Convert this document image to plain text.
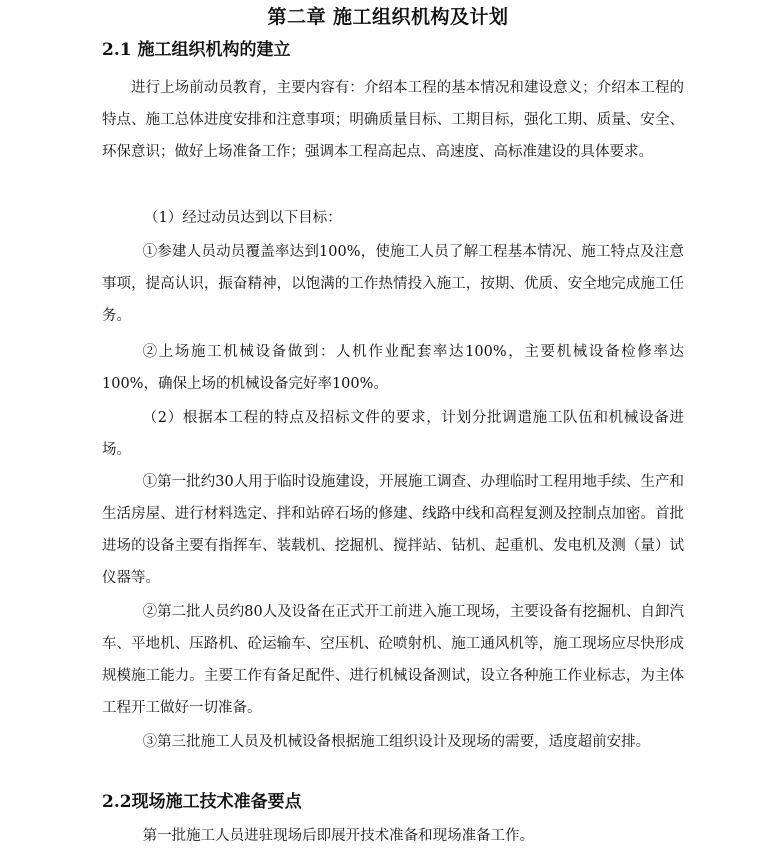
第二章 施工组织机构及计划
2.1 施工组织机构的建立

进行上场前动员教育，主要内容有：介绍本工程的基本情况和建设意义；介绍本工程的特点、施工总体进度安排和注意事项；明确质量目标、工期目标，强化工期、质量、安全、环保意识；做好上场准备工作；强调本工程高起点、高速度、高标准建设的具体要求。

（1）经过动员达到以下目标：

①参建人员动员覆盖率达到100%，使施工人员了解工程基本情况、施工特点及注意事项，提高认识，振奋精神，以饱满的工作热情投入施工，按期、优质、安全地完成施工任务。

②上场施工机械设备做到：人机作业配套率达100%，主要机械设备检修率达100%，确保上场的机械设备完好率100%。

（2）根据本工程的特点及招标文件的要求，计划分批调遣施工队伍和机械设备进场。

①第一批约30人用于临时设施建设，开展施工调查、办理临时工程用地手续、生产和生活房屋、进行材料选定、拌和站碎石场的修建、线路中线和高程复测及控制点加密。首批进场的设备主要有指挥车、装载机、挖掘机、搅拌站、钻机、起重机、发电机及测（量）试仪器等。

②第二批人员约80人及设备在正式开工前进入施工现场，主要设备有挖掘机、自卸汽车、平地机、压路机、砼运输车、空压机、砼喷射机、施工通风机等，施工现场应尽快形成规模施工能力。主要工作有备足配件、进行机械设备测试，设立各种施工作业标志，为主体工程开工做好一切准备。

③第三批施工人员及机械设备根据施工组织设计及现场的需要，适度超前安排。

2.2现场施工技术准备要点

第一批施工人员进驻现场后即展开技术准备和现场准备工作。
